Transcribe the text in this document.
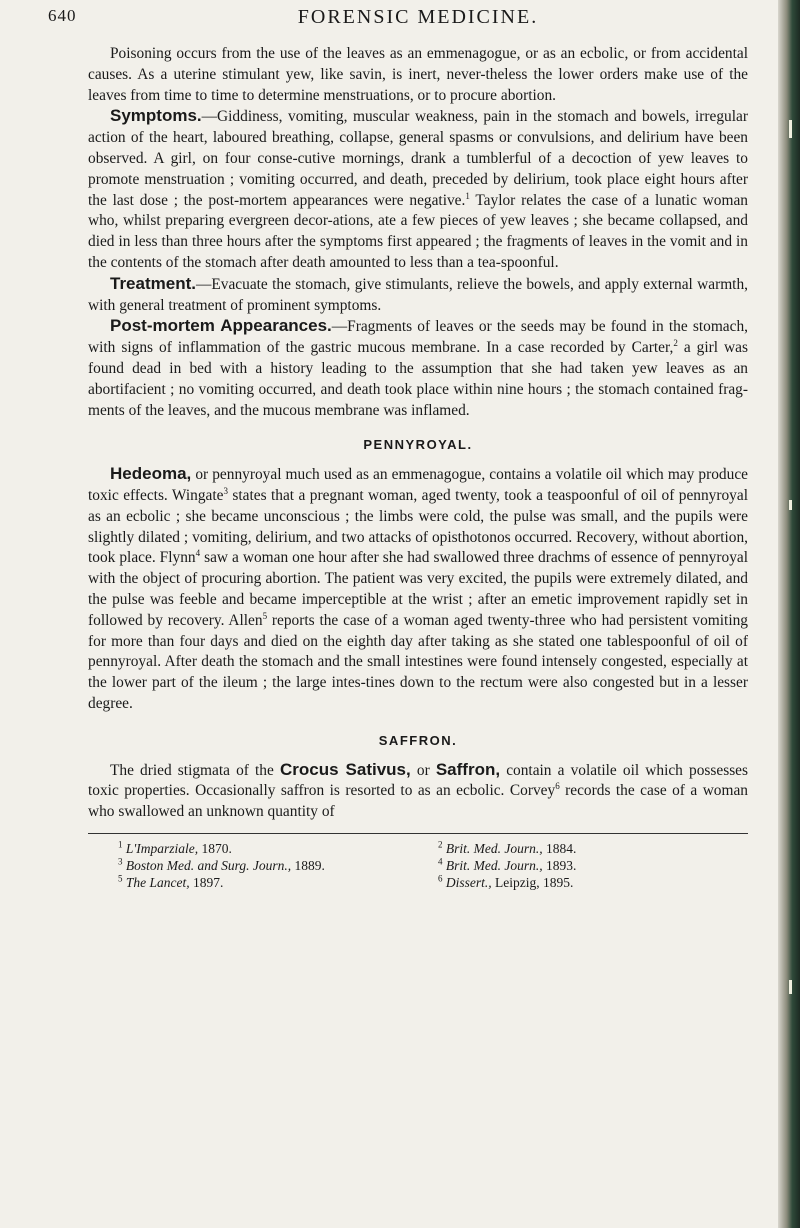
640	FORENSIC MEDICINE.

Poisoning occurs from the use of the leaves as an emmenagogue, or as an ecbolic, or from accidental causes. As a uterine stimulant yew, like savin, is inert, never-theless the lower orders make use of the leaves from time to time to determine menstruations, or to procure abortion.

Symptoms.—Giddiness, vomiting, muscular weakness, pain in the stomach and bowels, irregular action of the heart, laboured breathing, collapse, general spasms or convulsions, and delirium have been observed. A girl, on four conse-cutive mornings, drank a tumblerful of a decoction of yew leaves to promote menstruation ; vomiting occurred, and death, preceded by delirium, took place eight hours after the last dose ; the post-mortem appearances were negative.$^1$ Taylor relates the case of a lunatic woman who, whilst preparing evergreen decor-ations, ate a few pieces of yew leaves ; she became collapsed, and died in less than three hours after the symptoms first appeared ; the fragments of leaves in the vomit and in the contents of the stomach after death amounted to less than a tea-spoonful.

Treatment.—Evacuate the stomach, give stimulants, relieve the bowels, and apply external warmth, with general treatment of prominent symptoms.

Post-mortem Appearances.—Fragments of leaves or the seeds may be found in the stomach, with signs of inflammation of the gastric mucous membrane. In a case recorded by Carter,$^2$ a girl was found dead in bed with a history leading to the assumption that she had taken yew leaves as an abortifacient ; no vomiting occurred, and death took place within nine hours ; the stomach contained frag-ments of the leaves, and the mucous membrane was inflamed.

PENNYROYAL.

Hedeoma, or pennyroyal much used as an emmenagogue, contains a volatile oil which may produce toxic effects. Wingate$^3$ states that a pregnant woman, aged twenty, took a teaspoonful of oil of pennyroyal as an ecbolic ; she became unconscious ; the limbs were cold, the pulse was small, and the pupils were slightly dilated ; vomiting, delirium, and two attacks of opisthotonos occurred. Recovery, without abortion, took place. Flynn$^4$ saw a woman one hour after she had swallowed three drachms of essence of pennyroyal with the object of procuring abortion. The patient was very excited, the pupils were extremely dilated, and the pulse was feeble and became imperceptible at the wrist ; after an emetic improvement rapidly set in followed by recovery. Allen$^5$ reports the case of a woman aged twenty-three who had persistent vomiting for more than four days and died on the eighth day after taking as she stated one tablespoonful of oil of pennyroyal. After death the stomach and the small intestines were found intensely congested, especially at the lower part of the ileum ; the large intes-tines down to the rectum were also congested but in a lesser degree.

SAFFRON.

The dried stigmata of the Crocus Sativus, or Saffron, contain a volatile oil which possesses toxic properties. Occasionally saffron is resorted to as an ecbolic. Corvey$^6$ records the case of a woman who swallowed an unknown quantity of

$^1$ L'Imparziale, 1870.	$^2$ Brit. Med. Journ., 1884.
$^3$ Boston Med. and Surg. Journ., 1889.	$^4$ Brit. Med. Journ., 1893.
$^5$ The Lancet, 1897.	$^6$ Dissert., Leipzig, 1895.
